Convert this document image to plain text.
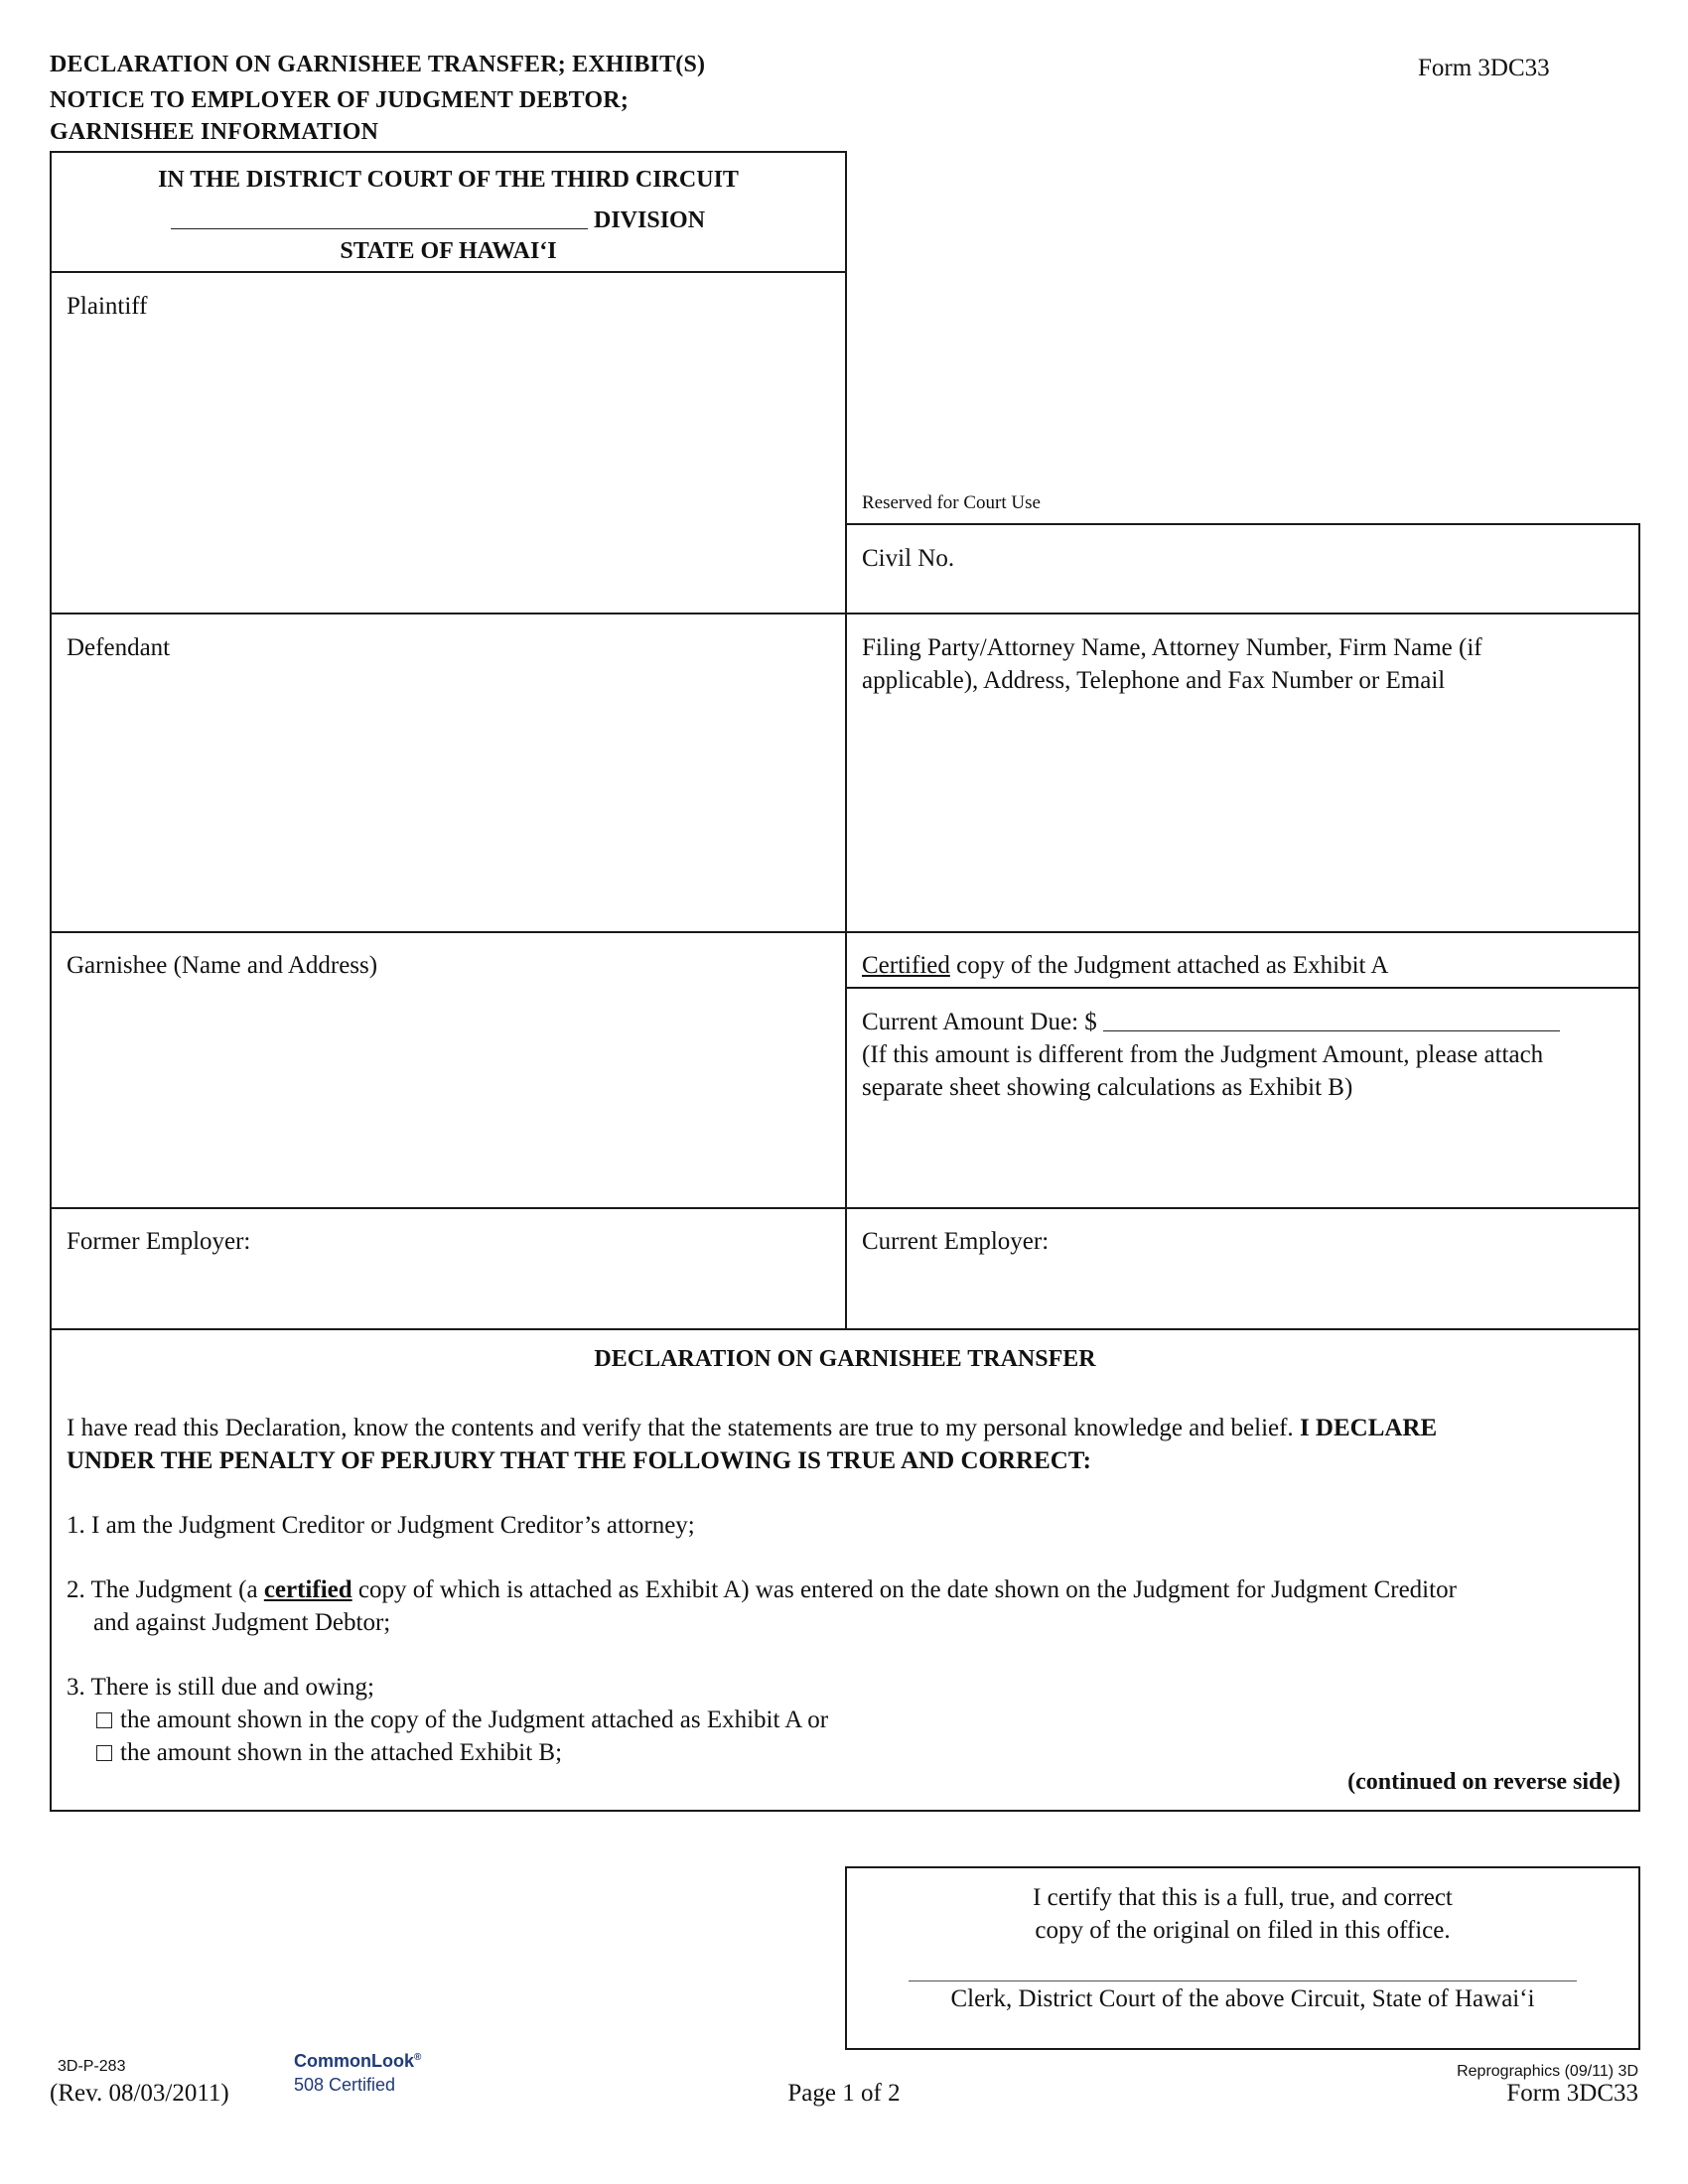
DECLARATION ON GARNISHEE TRANSFER; EXHIBIT(S)
NOTICE TO EMPLOYER OF JUDGMENT DEBTOR;
GARNISHEE INFORMATION
Form 3DC33
IN THE DISTRICT COURT OF THE THIRD CIRCUIT
DIVISION
STATE OF HAWAI‘I
Plaintiff
Reserved for Court Use
Civil No.
Defendant	Filing Party/Attorney Name, Attorney Number, Firm Name (if
applicable), Address, Telephone and Fax Number or Email
Garnishee (Name and Address)	Certified copy of the Judgment attached as Exhibit A
Current Amount Due: $
(If this amount is different from the Judgment Amount, please attach
separate sheet showing calculations as Exhibit B)
Former Employer:	Current Employer:
DECLARATION ON GARNISHEE TRANSFER
I have read this Declaration, know the contents and verify that the statements are true to my personal knowledge and belief. I DECLARE
UNDER THE PENALTY OF PERJURY THAT THE FOLLOWING IS TRUE AND CORRECT:
1. I am the Judgment Creditor or Judgment Creditor’s attorney;
2. The Judgment (a certified copy of which is attached as Exhibit A) was entered on the date shown on the Judgment for Judgment Creditor
and against Judgment Debtor;
3. There is still due and owing;
the amount shown in the copy of the Judgment attached as Exhibit A or
the amount shown in the attached Exhibit B;
(continued on reverse side)
I certify that this is a full, true, and correct
copy of the original on filed in this office.
Clerk, District Court of the above Circuit, State of Hawai‘i
3D-P-283
(Rev. 08/03/2011)
CommonLook®
508 Certified	Page 1 of 2
Reprographics (09/11) 3D
Form 3DC33
